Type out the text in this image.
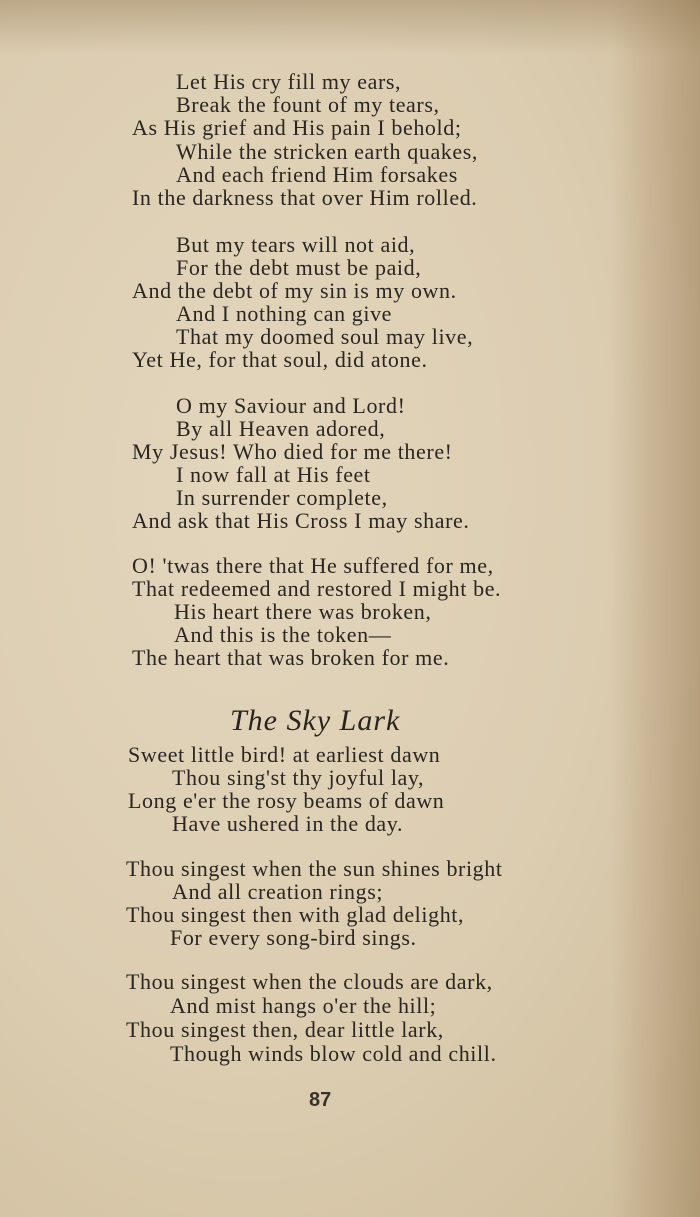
Let His cry fill my ears,
Break the fount of my tears,
As His grief and His pain I behold;
While the stricken earth quakes,
And each friend Him forsakes
In the darkness that over Him rolled.
But my tears will not aid,
For the debt must be paid,
And the debt of my sin is my own.
And I nothing can give
That my doomed soul may live,
Yet He, for that soul, did atone.
O my Saviour and Lord!
By all Heaven adored,
My Jesus! Who died for me there!
I now fall at His feet
In surrender complete,
And ask that His Cross I may share.
O! 'twas there that He suffered for me,
That redeemed and restored I might be.
His heart there was broken,
And this is the token—
The heart that was broken for me.
The Sky Lark
Sweet little bird! at earliest dawn
Thou sing'st thy joyful lay,
Long e'er the rosy beams of dawn
Have ushered in the day.
Thou singest when the sun shines bright
And all creation rings;
Thou singest then with glad delight,
For every song-bird sings.
Thou singest when the clouds are dark,
And mist hangs o'er the hill;
Thou singest then, dear little lark,
Though winds blow cold and chill.
87
